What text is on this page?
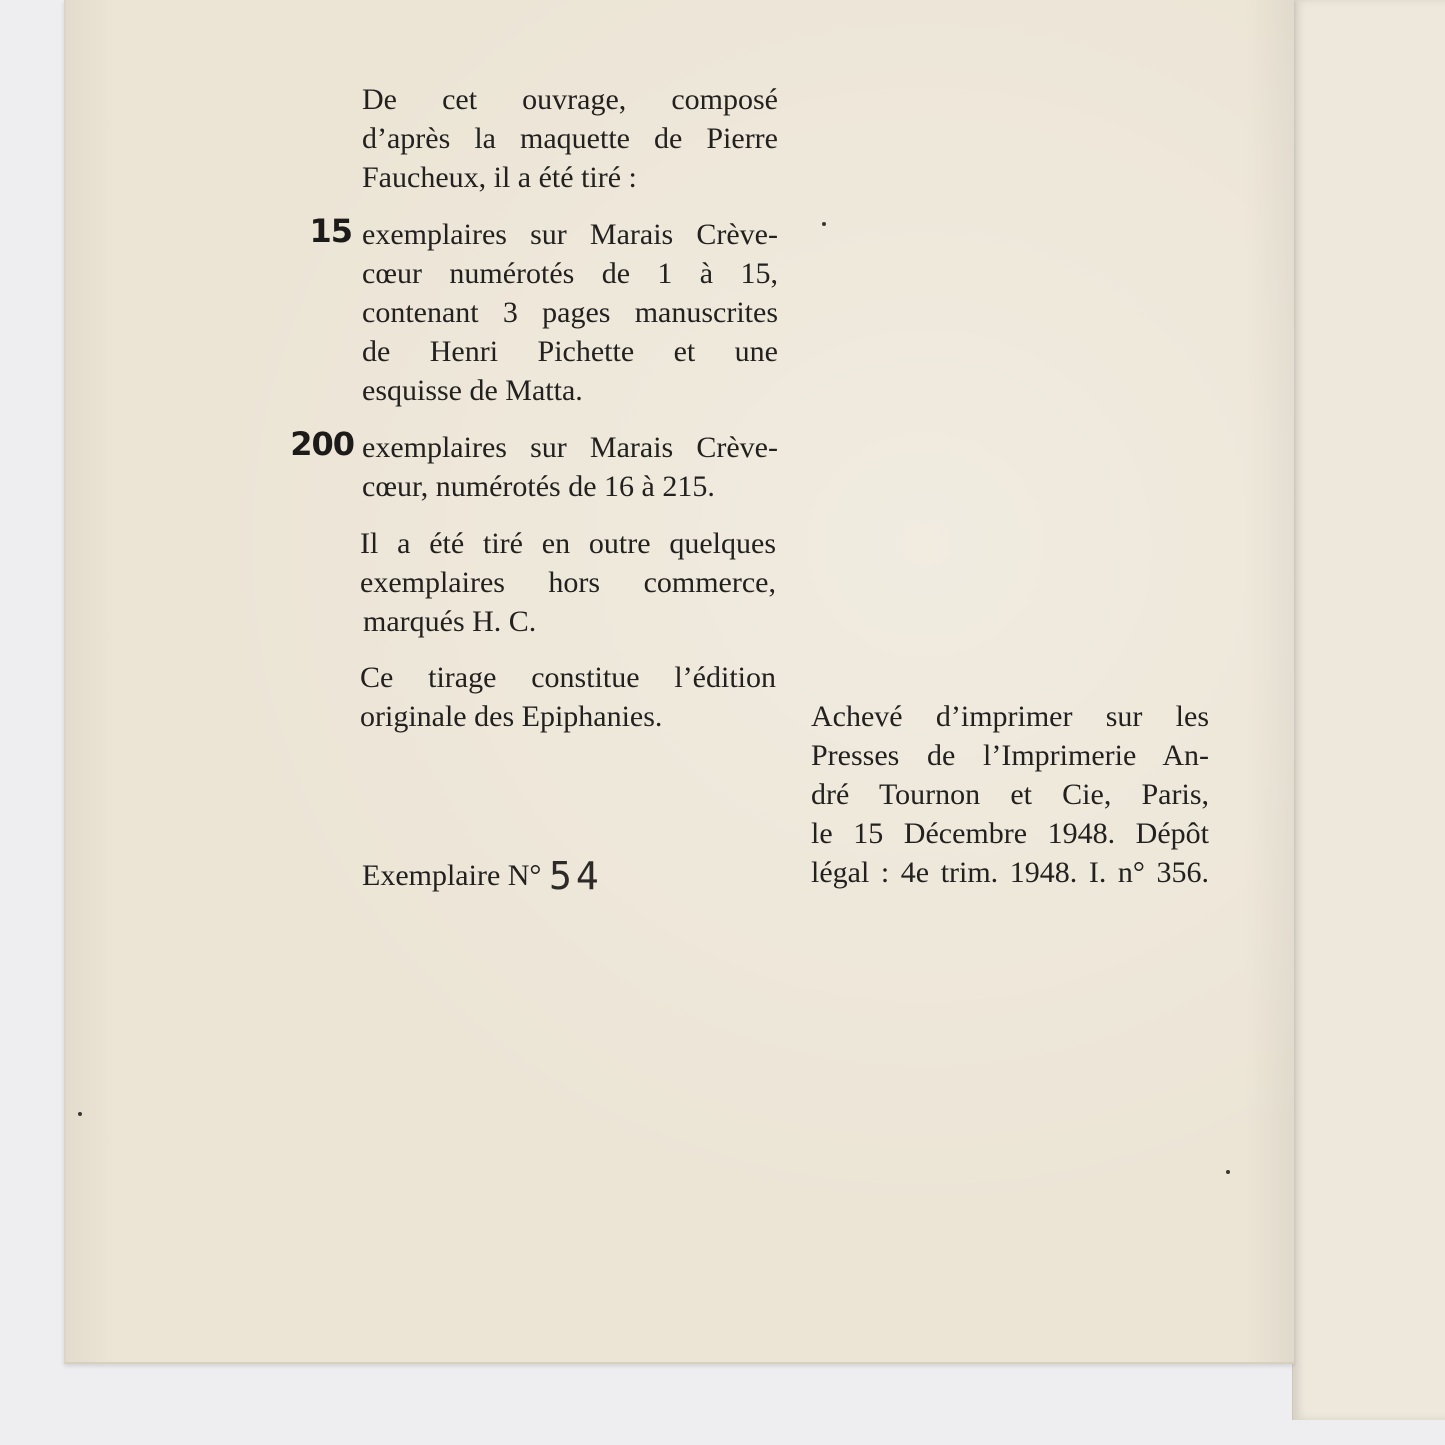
De cet ouvrage, composé
d’après la maquette de Pierre
Faucheux, il a été tiré :
15 exemplaires sur Marais Crève-
cœur numérotés de 1 à 15,
contenant 3 pages manuscrites
de Henri Pichette et une
esquisse de Matta.
200 exemplaires sur Marais Crève-
cœur, numérotés de 16 à 215.
Il a été tiré en outre quelques
exemplaires hors commerce,
marqués H. C.
Ce tirage constitue l’édition
originale des Epiphanies.
Exemplaire N° 54
Achevé d’imprimer sur les
Presses de l’Imprimerie An-
dré Tournon et Cie, Paris,
le 15 Décembre 1948. Dépôt
légal : 4e trim. 1948. I. n° 356.
